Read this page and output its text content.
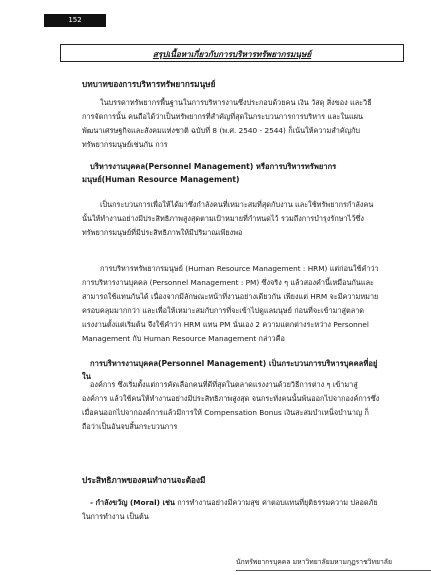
152
สรุปเนื้อหาเกี่ยวกับการบริหารทรัพยากรมนุษย์
บทบาทของการบริหารทรัพยากรมนุษย์

ในบรรดาทรัพยากรพื้นฐานในการบริหารงานซึ่งประกอบด้วยคน เงิน วัสดุ สิ่งของ และวิธีการจัดการนั้น คนถือได้ว่าเป็นทรัพยากรที่สำคัญที่สุดในกระบวนการการบริหาร และในแผนพัฒนาเศรษฐกิจและสังคมแห่งชาติ ฉบับที่ 8 (พ.ศ. 2540 - 2544) ก็เน้นให้ความสำคัญกับทรัพยากรมนุษย์เช่นกัน การ

บริหารงานบุคคล(Personnel Management) หรือการบริหารทรัพยากรมนุษย์(Human Resource Management)

เป็นกระบวนการเพื่อให้ได้มาซึ่งกำลังคนที่เหมาะสมที่สุดกับงาน และใช้ทรัพยากรกำลังคนนั้นให้ทำงานอย่างมีประสิทธิภาพสูงสุดตามเป้าหมายที่กำหนดไว้ รวมถึงการบำรุงรักษาไว้ซึ่งทรัพยากรมนุษย์ที่มีประสิทธิภาพให้มีปริมาณเพียงพอ

การบริหารทรัพยากรมนุษย์ (Human Resource Management : HRM) แต่ก่อนใช้คำว่า การบริหารงานบุคคล (Personnel Management : PM) ซึ่งจริง ๆ แล้วสองคำนี้เหมือนกันและสามารถใช้แทนกันได้ เนื่องจากมีลักษณะหน้าที่งานอย่างเดียวกัน เพียงแต่ HRM จะมีความหมายครอบคลุมมากกว่า และเพื่อให้เหมาะสมกับการที่จะเข้าไปดูแลมนุษย์ ก่อนที่จะเข้ามาสู่ตลาดแรงงานตั้งแต่เริ่มต้น จึงใช้คำว่า HRM แทน PM นั่นเอง 2 ความแตกต่างระหว่าง Personnel Management กับ Human Resource Management กล่าวคือ

การบริหารงานบุคคล(Personnel Management) เป็นกระบวนการบริหารบุคคลที่อยู่ใน

องค์การ ซึ่งเริ่มตั้งแต่การคัดเลือกคนที่ดีที่สุดในตลาดแรงงานด้วยวิธีการต่าง ๆ เข้ามาสู่องค์การ แล้วใช้คนให้ทำงานอย่างมีประสิทธิภาพสูงสุด จนกระทั่งคนนั้นพ้นออกไปจากองค์การซึ่งเมื่อคนออกไปจากองค์การแล้วมีการให้ Compensation Bonus เงินสะสมบำเหน็จบำนาญ ก็ถือว่าเป็นอันจบสิ้นกระบวนการ

ประสิทธิภาพของคนทำงานจะต้องมี

- กำลังขวัญ (Moral) เช่น การทำงานอย่างมีความสุข ค่าตอบแทนที่ยุติธรรมความ ปลอดภัยในการทำงาน เป็นต้น

นักทรัพยากรบุคคล มหาวิทยาลัยมหามกุฏราชวิทยาลัย
